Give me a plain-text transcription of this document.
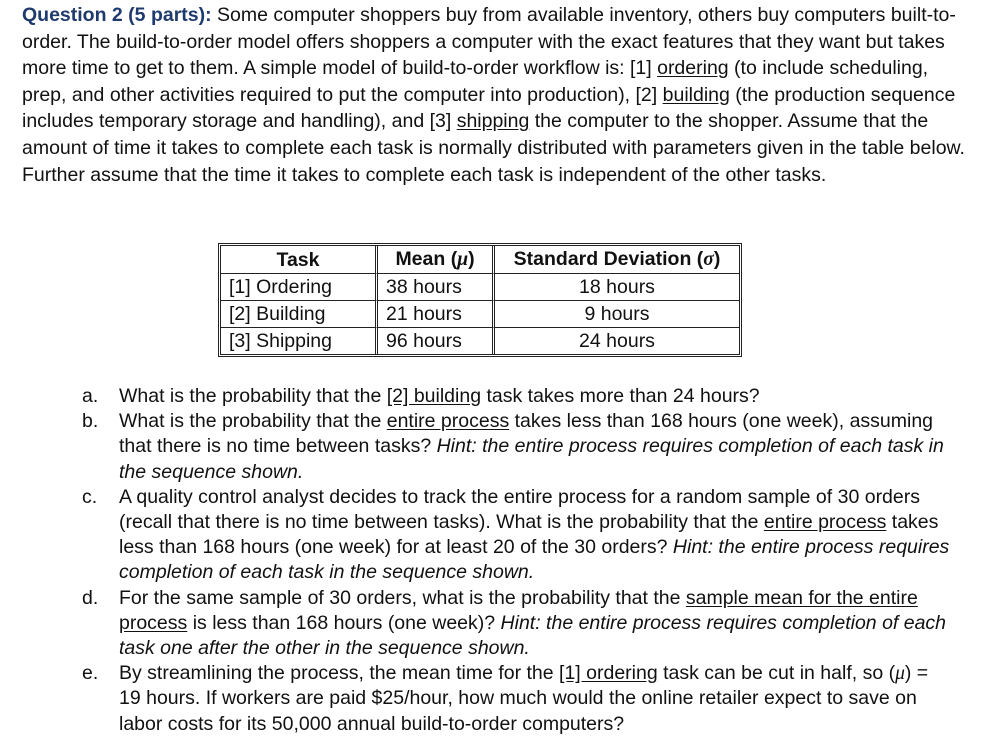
Question 2 (5 parts): Some computer shoppers buy from available inventory, others buy computers built-to-order. The build-to-order model offers shoppers a computer with the exact features that they want but takes more time to get to them. A simple model of build-to-order workflow is: [1] ordering (to include scheduling, prep, and other activities required to put the computer into production), [2] building (the production sequence includes temporary storage and handling), and [3] shipping the computer to the shopper. Assume that the amount of time it takes to complete each task is normally distributed with parameters given in the table below. Further assume that the time it takes to complete each task is independent of the other tasks.
Task	Mean (μ)	Standard Deviation (σ)
[1] Ordering	38 hours	18 hours
[2] Building	21 hours	9 hours
[3] Shipping	96 hours	24 hours
a.	What is the probability that the [2] building task takes more than 24 hours?
b.	What is the probability that the entire process takes less than 168 hours (one week), assuming that there is no time between tasks? Hint: the entire process requires completion of each task in the sequence shown.
c.	A quality control analyst decides to track the entire process for a random sample of 30 orders (recall that there is no time between tasks). What is the probability that the entire process takes less than 168 hours (one week) for at least 20 of the 30 orders? Hint: the entire process requires completion of each task in the sequence shown.
d.	For the same sample of 30 orders, what is the probability that the sample mean for the entire process is less than 168 hours (one week)? Hint: the entire process requires completion of each task one after the other in the sequence shown.
e.	By streamlining the process, the mean time for the [1] ordering task can be cut in half, so (μ) = 19 hours. If workers are paid $25/hour, how much would the online retailer expect to save on labor costs for its 50,000 annual build-to-order computers?
